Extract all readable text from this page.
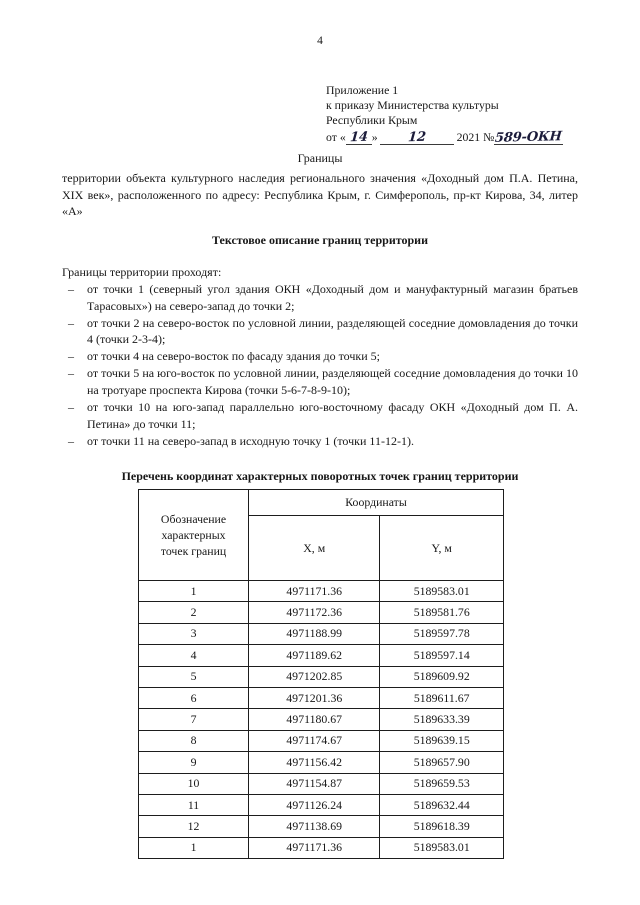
4
Приложение 1
к приказу Министерства культуры
Республики Крым
от « 14 »	12
	2021
№ 589-ОКН
Границы
территории объекта культурного наследия регионального значения «Доходный дом П.А. Петина, XIX век», расположенного по адресу: Республика Крым, г. Симферополь, пр-кт Кирова, 34, литер «А»
Текстовое описание границ территории
Границы территории проходят:
– от точки 1 (северный угол здания ОКН «Доходный дом и мануфактурный магазин братьев Тарасовых») на северо-запад до точки 2;
– от точки 2 на северо-восток по условной линии, разделяющей соседние домовладения до точки 4 (точки 2-3-4);
– от точки 4 на северо-восток по фасаду здания до точки 5;
– от точки 5 на юго-восток по условной линии, разделяющей соседние домовладения до точки 10 на тротуаре проспекта Кирова (точки 5-6-7-8-9-10);
– от точки 10 на юго-запад параллельно юго-восточному фасаду ОКН «Доходный дом П. А. Петина» до точки 11;
– от точки 11 на северо-запад в исходную точку 1 (точки 11-12-1).
Перечень координат характерных поворотных точек границ территории
Обозначение
характерных
точек границ	Координаты	
	X, м	Y, м
1	4971171.36	5189583.01
2	4971172.36	5189581.76
3	4971188.99	5189597.78
4	4971189.62	5189597.14
5	4971202.85	5189609.92
6	4971201.36	5189611.67
7	4971180.67	5189633.39
8	4971174.67	5189639.15
9	4971156.42	5189657.90
10	4971154.87	5189659.53
11	4971126.24	5189632.44
12	4971138.69	5189618.39
1	4971171.36	5189583.01
